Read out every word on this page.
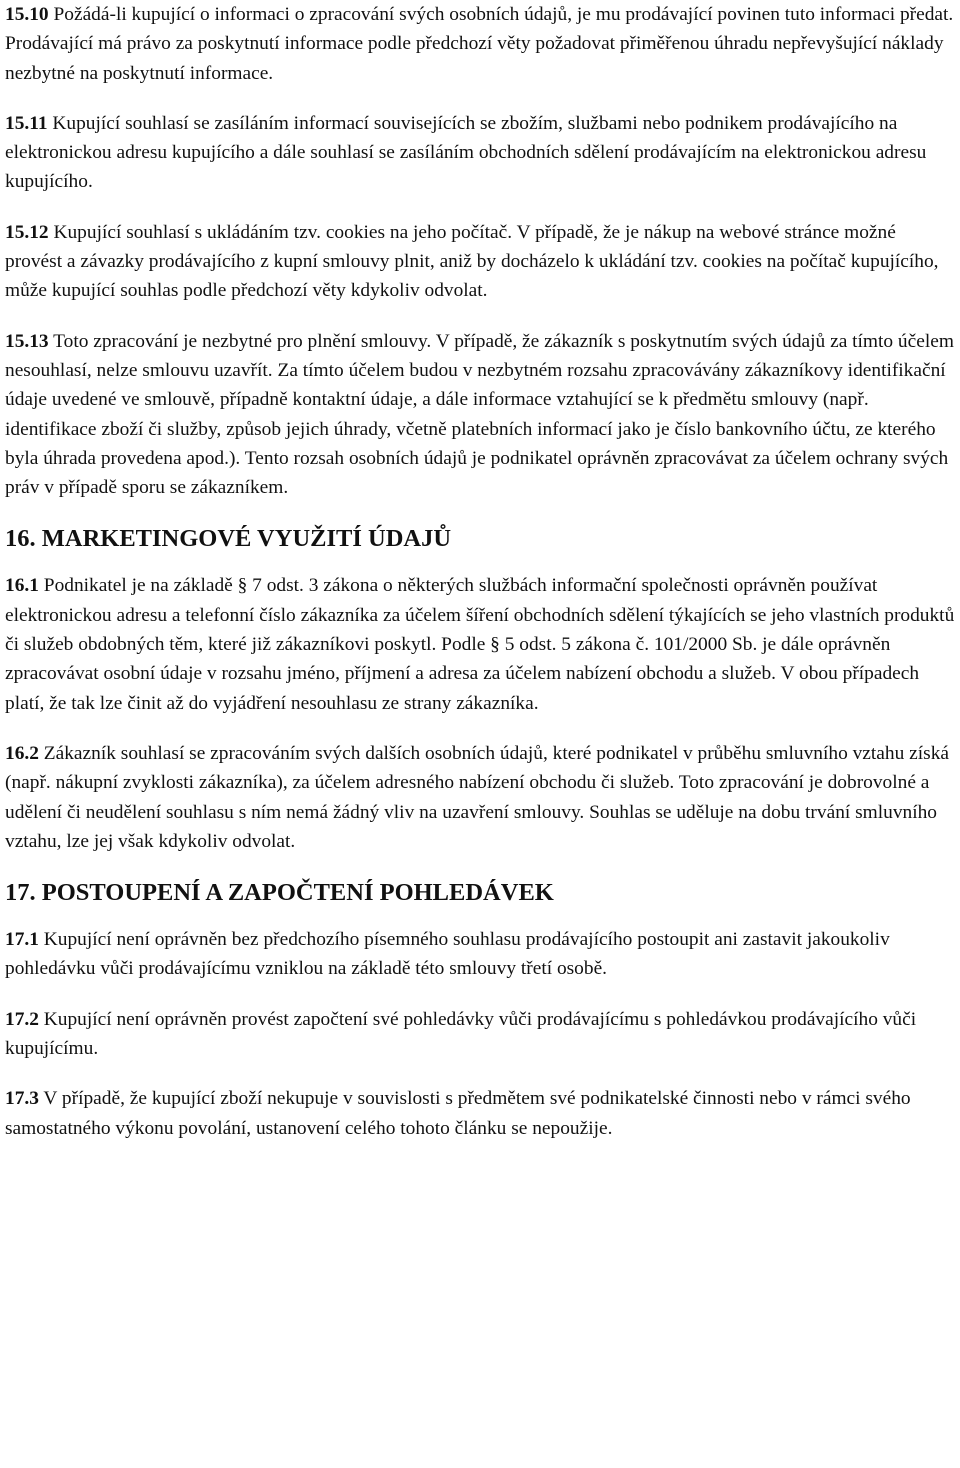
15.10 Požádá-li kupující o informaci o zpracování svých osobních údajů, je mu prodávající povinen tuto informaci předat. Prodávající má právo za poskytnutí informace podle předchozí věty požadovat přiměřenou úhradu nepřevyšující náklady nezbytné na poskytnutí informace.

15.11 Kupující souhlasí se zasíláním informací souvisejících se zbožím, službami nebo podnikem prodávajícího na elektronickou adresu kupujícího a dále souhlasí se zasíláním obchodních sdělení prodávajícím na elektronickou adresu kupujícího.

15.12 Kupující souhlasí s ukládáním tzv. cookies na jeho počítač. V případě, že je nákup na webové stránce možné provést a závazky prodávajícího z kupní smlouvy plnit, aniž by docházelo k ukládání tzv. cookies na počítač kupujícího, může kupující souhlas podle předchozí věty kdykoliv odvolat.

15.13 Toto zpracování je nezbytné pro plnění smlouvy. V případě, že zákazník s poskytnutím svých údajů za tímto účelem nesouhlasí, nelze smlouvu uzavřít. Za tímto účelem budou v nezbytném rozsahu zpracovávány zákazníkovy identifikační údaje uvedené ve smlouvě, případně kontaktní údaje, a dále informace vztahující se k předmětu smlouvy (např. identifikace zboží či služby, způsob jejich úhrady, včetně platebních informací jako je číslo bankovního účtu, ze kterého byla úhrada provedena apod.). Tento rozsah osobních údajů je podnikatel oprávněn zpracovávat za účelem ochrany svých práv v případě sporu se zákazníkem.

16. MARKETINGOVÉ VYUŽITÍ ÚDAJŮ

16.1 Podnikatel je na základě § 7 odst. 3 zákona o některých službách informační společnosti oprávněn používat elektronickou adresu a telefonní číslo zákazníka za účelem šíření obchodních sdělení týkajících se jeho vlastních produktů či služeb obdobných těm, které již zákazníkovi poskytl. Podle § 5 odst. 5 zákona č. 101/2000 Sb. je dále oprávněn zpracovávat osobní údaje v rozsahu jméno, příjmení a adresa za účelem nabízení obchodu a služeb. V obou případech platí, že tak lze činit až do vyjádření nesouhlasu ze strany zákazníka.

16.2 Zákazník souhlasí se zpracováním svých dalších osobních údajů, které podnikatel v průběhu smluvního vztahu získá (např. nákupní zvyklosti zákazníka), za účelem adresného nabízení obchodu či služeb. Toto zpracování je dobrovolné a udělení či neudělení souhlasu s ním nemá žádný vliv na uzavření smlouvy. Souhlas se uděluje na dobu trvání smluvního vztahu, lze jej však kdykoliv odvolat.

17. POSTOUPENÍ A ZAPOČTENÍ POHLEDÁVEK

17.1 Kupující není oprávněn bez předchozího písemného souhlasu prodávajícího postoupit ani zastavit jakoukoliv pohledávku vůči prodávajícímu vzniklou na základě této smlouvy třetí osobě.

17.2 Kupující není oprávněn provést započtení své pohledávky vůči prodávajícímu s pohledávkou prodávajícího vůči kupujícímu.

17.3 V případě, že kupující zboží nekupuje v souvislosti s předmětem své podnikatelské činnosti nebo v rámci svého samostatného výkonu povolání, ustanovení celého tohoto článku se nepoužije.
